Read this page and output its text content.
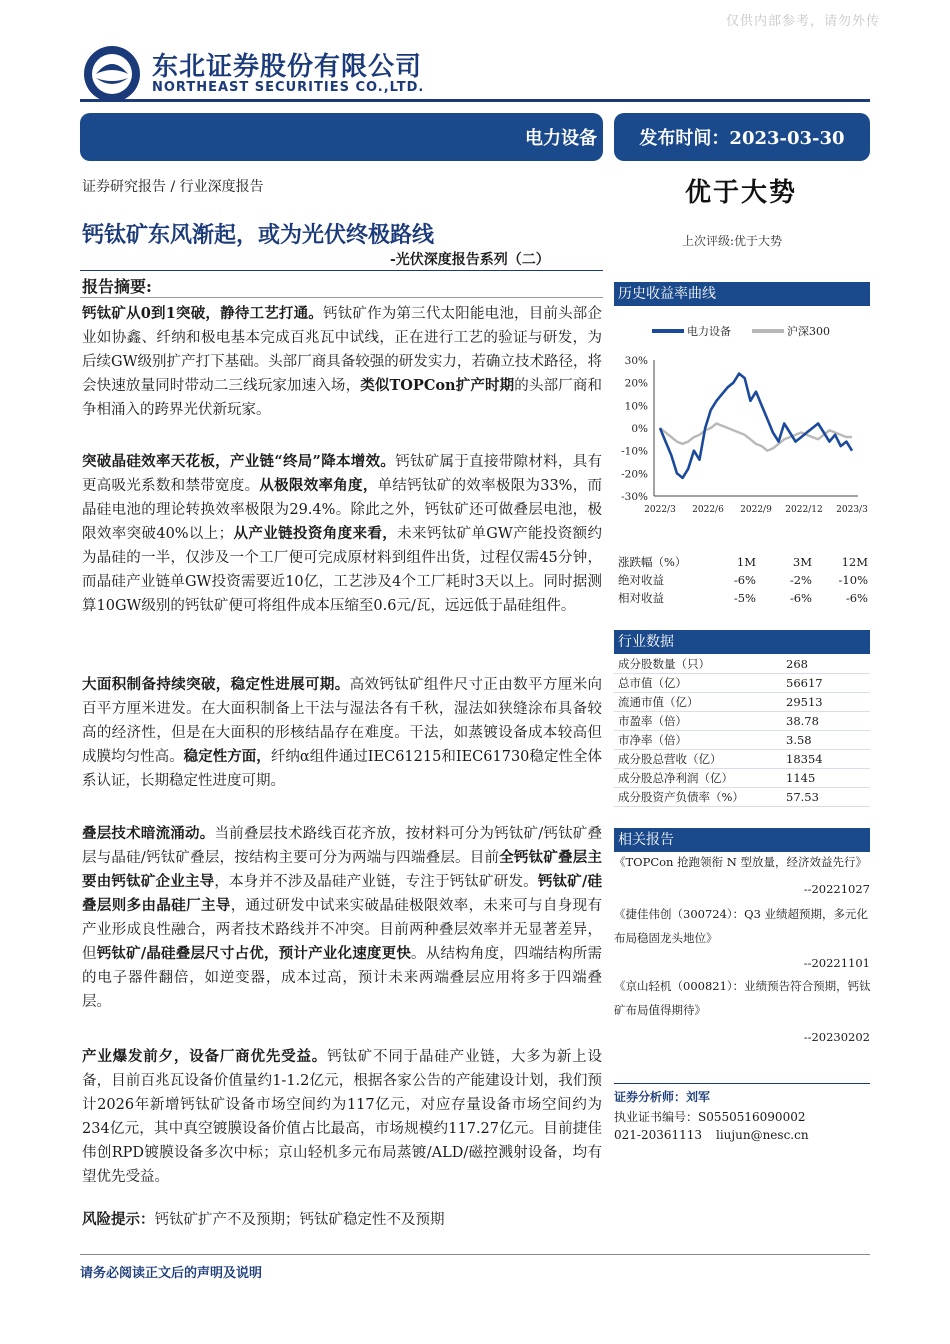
仅供内部参考，请勿外传
东北证券股份有限公司
NORTHEAST SECURITIES CO.,LTD.
电力设备 发布时间：2023-03-30
证券研究报告 / 行业深度报告	优于大势
钙钛矿东风渐起，或为光伏终极路线
-光伏深度报告系列（二）
上次评级:优于大势
报告摘要:
钙钛矿从0到1突破，静待工艺打通。钙钛矿作为第三代太阳能电池，目前头部企业如协鑫、纤纳和极电基本完成百兆瓦中试线，正在进行工艺的验证与研发，为后续GW级别扩产打下基础。头部厂商具备较强的研发实力，若确立技术路径，将会快速放量同时带动二三线玩家加速入场，类似TOPCon扩产时期的头部厂商和争相涌入的跨界光伏新玩家。
突破晶硅效率天花板，产业链“终局”降本增效。钙钛矿属于直接带隙材料，具有更高吸光系数和禁带宽度。从极限效率角度，单结钙钛矿的效率极限为33%，而晶硅电池的理论转换效率极限为29.4%。除此之外，钙钛矿还可做叠层电池，极限效率突破40%以上；从产业链投资角度来看，未来钙钛矿单GW产能投资额约为晶硅的一半，仅涉及一个工厂便可完成原材料到组件出货，过程仅需45分钟，而晶硅产业链单GW投资需要近10亿，工艺涉及4个工厂耗时3天以上。同时据测算10GW级别的钙钛矿便可将组件成本压缩至0.6元/瓦，远远低于晶硅组件。
大面积制备持续突破，稳定性进展可期。高效钙钛矿组件尺寸正由数平方厘米向百平方厘米进发。在大面积制备上干法与湿法各有千秋，湿法如狭缝涂布具备较高的经济性，但是在大面积的形核结晶存在难度。干法，如蒸镀设备成本较高但成膜均匀性高。稳定性方面，纤纳α组件通过IEC61215和IEC61730稳定性全体系认证，长期稳定性进度可期。
叠层技术暗流涌动。当前叠层技术路线百花齐放，按材料可分为钙钛矿/钙钛矿叠层与晶硅/钙钛矿叠层，按结构主要可分为两端与四端叠层。目前全钙钛矿叠层主要由钙钛矿企业主导，本身并不涉及晶硅产业链，专注于钙钛矿研发。钙钛矿/硅叠层则多由晶硅厂主导，通过研发中试来实破晶硅极限效率，未来可与自身现有产业形成良性融合，两者技术路线并不冲突。目前两种叠层效率并无显著差异，但钙钛矿/晶硅叠层尺寸占优，预计产业化速度更快。从结构角度，四端结构所需的电子器件翻倍，如逆变器，成本过高，预计未来两端叠层应用将多于四端叠层。
产业爆发前夕，设备厂商优先受益。钙钛矿不同于晶硅产业链，大多为新上设备，目前百兆瓦设备价值量约1-1.2亿元，根据各家公告的产能建设计划，我们预计2026年新增钙钛矿设备市场空间约为117亿元，对应存量设备市场空间约为234亿元，其中真空镀膜设备价值占比最高，市场规模约117.27亿元。目前捷佳伟创RPD镀膜设备多次中标；京山轻机多元布局蒸镀/ALD/磁控溅射设备，均有望优先受益。
风险提示：钙钛矿扩产不及预期；钙钛矿稳定性不及预期
请务必阅读正文后的声明及说明
历史收益率曲线
电力设备	沪深300
30%
20%
10%
0%
-10%
-20%
-30%
2022/3 2022/6 2022/9 2022/12 2023/3
涨跌幅（%）	1M	3M	12M
绝对收益	-6%	-2%	-10%
相对收益	-5%	-6%	-6%
行业数据
成分股数量（只）	268
总市值（亿）	56617
流通市值（亿）	29513
市盈率（倍）	38.78
市净率（倍）	3.58
成分股总营收（亿）	18354
成分股总净利润（亿）	1145
成分股资产负债率（%）	57.53
相关报告
《TOPCon 抢跑领衔 N 型放量，经济效益先行》
--20221027
《捷佳伟创（300724）：Q3 业绩超预期，多元化布局稳固龙头地位》
--20221101
《京山轻机（000821）：业绩预告符合预期，钙钛矿布局值得期待》
--20230202
证券分析师：刘军
执业证书编号：S0550516090002
021-20361113 liujun@nesc.cn
